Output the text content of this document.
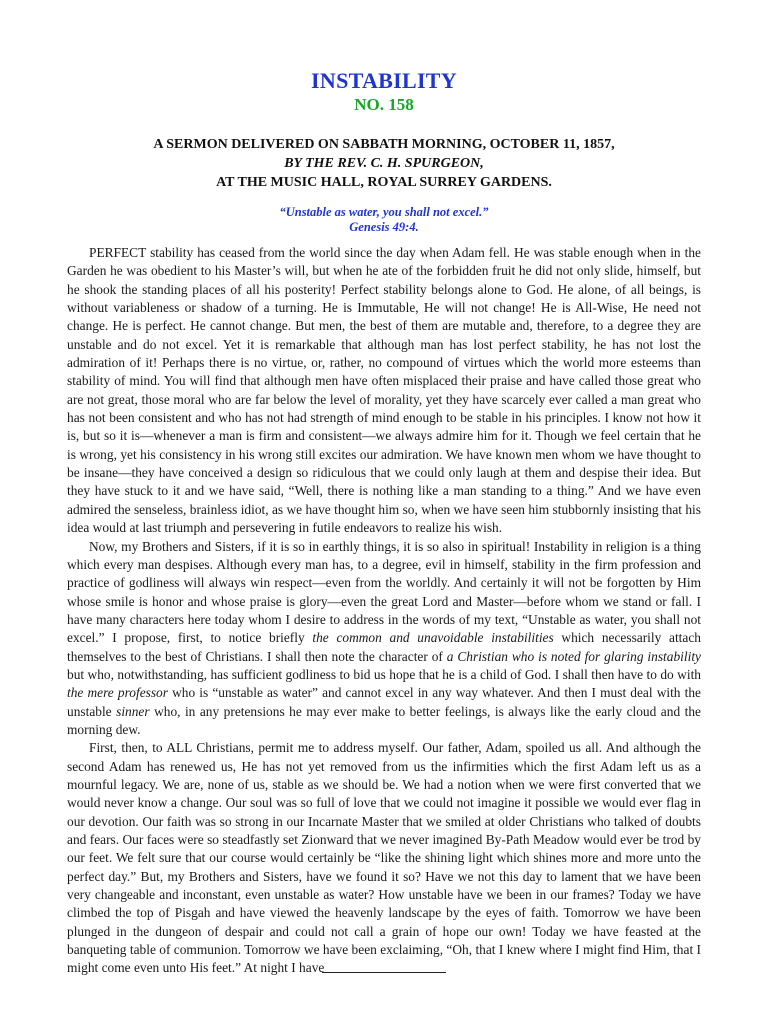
INSTABILITY
NO. 158
A SERMON DELIVERED ON SABBATH MORNING, OCTOBER 11, 1857,
BY THE REV. C. H. SPURGEON,
AT THE MUSIC HALL, ROYAL SURREY GARDENS.
“Unstable as water, you shall not excel.”
Genesis 49:4.

PERFECT stability has ceased from the world since the day when Adam fell. He was stable enough when in the Garden he was obedient to his Master’s will, but when he ate of the forbidden fruit he did not only slide, himself, but he shook the standing places of all his posterity! Perfect stability belongs alone to God. He alone, of all beings, is without variableness or shadow of a turning. He is Immutable, He will not change! He is All-Wise, He need not change. He is perfect. He cannot change. But men, the best of them are mutable and, therefore, to a degree they are unstable and do not excel. Yet it is remarkable that although man has lost perfect stability, he has not lost the admiration of it! Perhaps there is no virtue, or, rather, no compound of virtues which the world more esteems than stability of mind. You will find that although men have often misplaced their praise and have called those great who are not great, those moral who are far below the level of morality, yet they have scarcely ever called a man great who has not been consistent and who has not had strength of mind enough to be stable in his principles. I know not how it is, but so it is—whenever a man is firm and consistent—we always admire him for it. Though we feel certain that he is wrong, yet his consistency in his wrong still excites our admiration. We have known men whom we have thought to be insane—they have conceived a design so ridiculous that we could only laugh at them and despise their idea. But they have stuck to it and we have said, “Well, there is nothing like a man standing to a thing.” And we have even admired the senseless, brainless idiot, as we have thought him so, when we have seen him stubbornly insisting that his idea would at last triumph and persevering in futile endeavors to realize his wish.

Now, my Brothers and Sisters, if it is so in earthly things, it is so also in spiritual! Instability in religion is a thing which every man despises. Although every man has, to a degree, evil in himself, stability in the firm profession and practice of godliness will always win respect—even from the worldly. And certainly it will not be forgotten by Him whose smile is honor and whose praise is glory—even the great Lord and Master—before whom we stand or fall. I have many characters here today whom I desire to address in the words of my text, “Unstable as water, you shall not excel.” I propose, first, to notice briefly the common and unavoidable instabilities which necessarily attach themselves to the best of Christians. I shall then note the character of a Christian who is noted for glaring instability but who, notwithstanding, has sufficient godliness to bid us hope that he is a child of God. I shall then have to do with the mere professor who is “unstable as water” and cannot excel in any way whatever. And then I must deal with the unstable sinner who, in any pretensions he may ever make to better feelings, is always like the early cloud and the morning dew.

First, then, to ALL Christians, permit me to address myself. Our father, Adam, spoiled us all. And although the second Adam has renewed us, He has not yet removed from us the infirmities which the first Adam left us as a mournful legacy. We are, none of us, stable as we should be. We had a notion when we were first converted that we would never know a change. Our soul was so full of love that we could not imagine it possible we would ever flag in our devotion. Our faith was so strong in our Incarnate Master that we smiled at older Christians who talked of doubts and fears. Our faces were so steadfastly set Zionward that we never imagined By-Path Meadow would ever be trod by our feet. We felt sure that our course would certainly be “like the shining light which shines more and more unto the perfect day.” But, my Brothers and Sisters, have we found it so? Have we not this day to lament that we have been very changeable and inconstant, even unstable as water? How unstable have we been in our frames? Today we have climbed the top of Pisgah and have viewed the heavenly landscape by the eyes of faith. Tomorrow we have been plunged in the dungeon of despair and could not call a grain of hope our own! Today we have feasted at the banqueting table of communion. Tomorrow we have been exclaiming, “Oh, that I knew where I might find Him, that I might come even unto His feet.” At night I have
